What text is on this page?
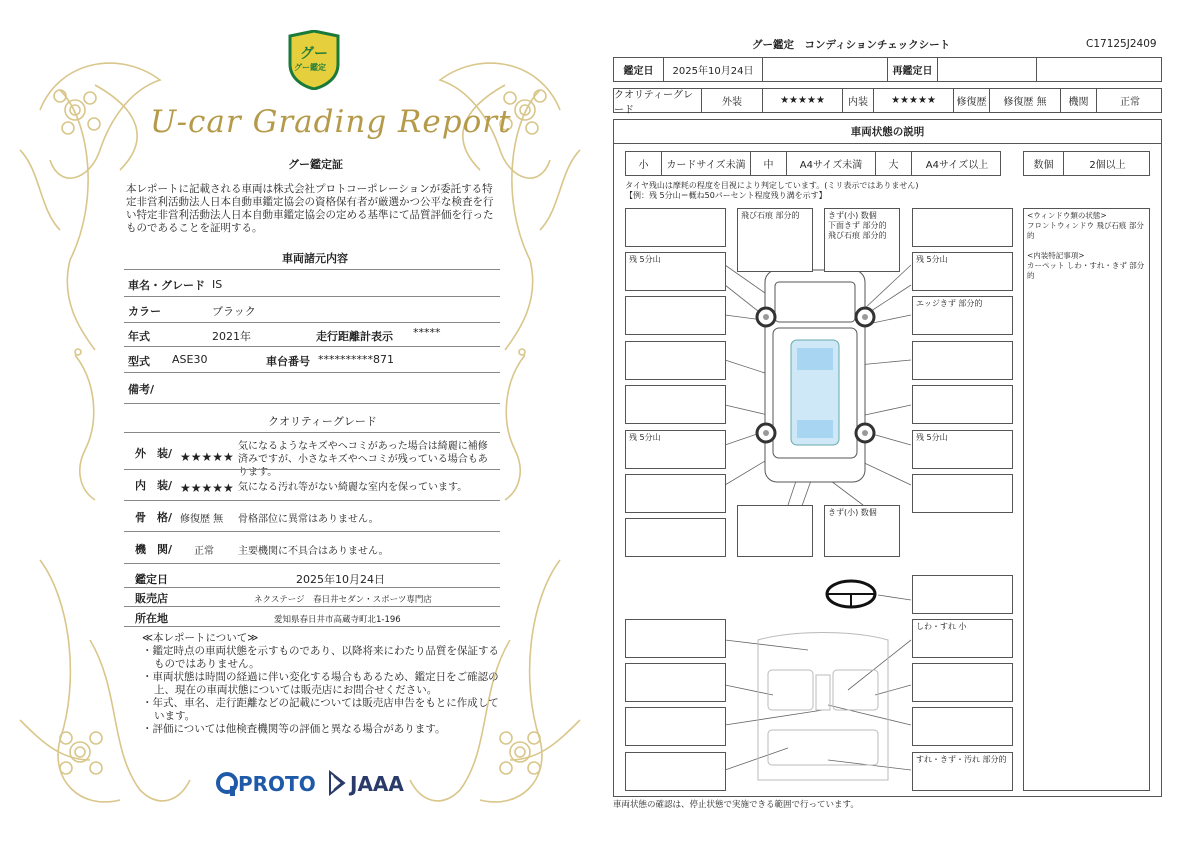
グー
グー鑑定
U-car Grading Report
グー鑑定証
本レポートに記載される車両は株式会社プロトコーポレーションが委託する特定非営利活動法人日本自動車鑑定協会の資格保有者が厳選かつ公平な検査を行い特定非営利活動法人日本自動車鑑定協会の定める基準にて品質評価を行ったものであることを証明する。
車両諸元内容
車名・グレード IS
カラー	ブラック
年式	2021年	走行距離計表示 *****
型式 ASE30	車台番号 **********871
備考/
クオリティーグレード
外　装/ ★★★★★
気になるようなキズやヘコミがあった場合は綺麗に補修済みですが、小さなキズやヘコミが残っている場合もあります。
内　装/ ★★★★★ 気になる汚れ等がない綺麗な室内を保っています。
骨　格/ 修復歴 無 骨格部位に異常はありません。
機　関/ 正常 主要機関に不具合はありません。
鑑定日	2025年10月24日
販売店	ネクステージ　春日井セダン・スポーツ専門店
所在地	愛知県春日井市高蔵寺町北1-196
≪本レポートについて≫
・鑑定時点の車両状態を示すものであり、以降将来にわたり品質を保証するものではありません。
・車両状態は時間の経過に伴い変化する場合もあるため、鑑定日をご確認の上、現在の車両状態については販売店にお問合せください。
・年式、車名、走行距離などの記載については販売店申告をもとに作成しています。
・評価については他検査機関等の評価と異なる場合があります。
PROTO JAAA
グー鑑定　コンディションチェックシート	C17125J2409
鑑定日	2025年10月24日	再鑑定日
クオリティーグレード
外装	★★★★★	内装	★★★★★	修復歴	修復歴 無	機関	正常
車両状態の説明
小	カードサイズ未満	中	A4サイズ未満	大	A4サイズ以上	数個	2個以上
タイヤ残山は摩耗の程度を目視により判定しています。(ミリ表示ではありません)
【例：残 5分山＝概ね50パーセント程度残り溝を示す】
飛び石痕 部分的	きず(小) 数個
下面きず 部分的
飛び石痕 部分的
残 5分山	残 5分山
エッジきず 部分的
残 5分山	残 5分山
きず(小) 数個
しわ・すれ 小
すれ・きず・汚れ 部分的
<ウィンドウ類の状態>
フロントウィンドウ 飛び石痕 部分的

<内装特記事項>
カーペット しわ・すれ・きず 部分的
車両状態の確認は、停止状態で実施できる範囲で行っています。
